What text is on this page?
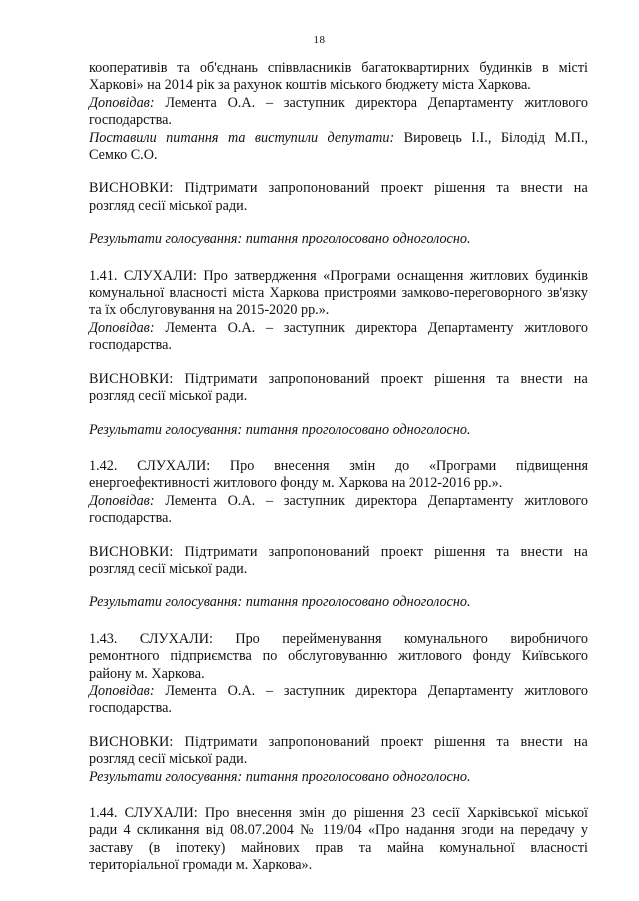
18

кооперативів та об'єднань співвласників багатоквартирних будинків в місті

Харкові» на 2014 рік за рахунок коштів міського бюджету міста Харкова.

Доповідав: Лемента О.А. – заступник директора Департаменту житлового

господарства.

Поставили питання та виступили депутати: Вировець І.І., Білодід М.П.,

Семко С.О.

ВИСНОВКИ: Підтримати запропонований проект рішення та внести на

розгляд сесії міської ради.

Результати голосування: питання проголосовано одноголосно.

1.41. СЛУХАЛИ: Про затвердження «Програми оснащення житлових будинків

комунальної власності міста Харкова пристроями замково-переговорного зв'язку

та їх обслуговування на 2015-2020 рр.».

Доповідав: Лемента О.А. – заступник директора Департаменту житлового

господарства.

ВИСНОВКИ: Підтримати запропонований проект рішення та внести на

розгляд сесії міської ради.

Результати голосування: питання проголосовано одноголосно.

1.42. СЛУХАЛИ: Про внесення змін до «Програми підвищення

енергоефективності житлового фонду м. Харкова на 2012-2016 рр.».

Доповідав: Лемента О.А. – заступник директора Департаменту житлового

господарства.

ВИСНОВКИ: Підтримати запропонований проект рішення та внести на

розгляд сесії міської ради.

Результати голосування: питання проголосовано одноголосно.

1.43. СЛУХАЛИ: Про перейменування комунального виробничого

ремонтного підприємства по обслуговуванню житлового фонду Київського

району м. Харкова.

Доповідав: Лемента О.А. – заступник директора Департаменту житлового

господарства.

ВИСНОВКИ: Підтримати запропонований проект рішення та внести на

розгляд сесії міської ради.

Результати голосування: питання проголосовано одноголосно.

1.44. СЛУХАЛИ: Про внесення змін до рішення 23 сесії Харківської міської

ради 4 скликання від 08.07.2004 № 119/04 «Про надання згоди на передачу у

заставу (в іпотеку) майнових прав та майна комунальної власності

територіальної громади м. Харкова».
